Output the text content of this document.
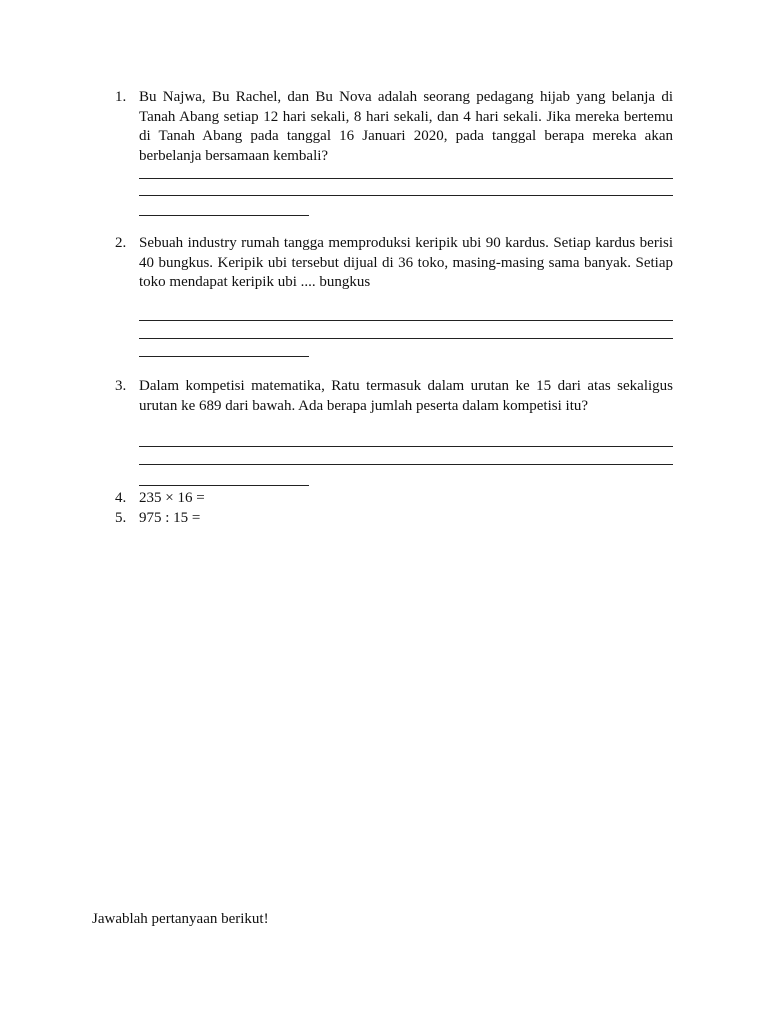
1. Bu Najwa, Bu Rachel, dan Bu Nova adalah seorang pedagang hijab yang belanja di Tanah Abang setiap 12 hari sekali, 8 hari sekali, dan 4 hari sekali. Jika mereka bertemu di Tanah Abang pada tanggal 16 Januari 2020, pada tanggal berapa mereka akan berbelanja bersamaan kembali?
2. Sebuah industry rumah tangga memproduksi keripik ubi 90 kardus. Setiap kardus berisi 40 bungkus. Keripik ubi tersebut dijual di 36 toko, masing-masing sama banyak. Setiap toko mendapat keripik ubi .... bungkus
3. Dalam kompetisi matematika, Ratu termasuk dalam urutan ke 15 dari atas sekaligus urutan ke 689 dari bawah. Ada berapa jumlah peserta dalam kompetisi itu?
4. 235 × 16 =
5. 975 : 15 =
Jawablah pertanyaan berikut!
